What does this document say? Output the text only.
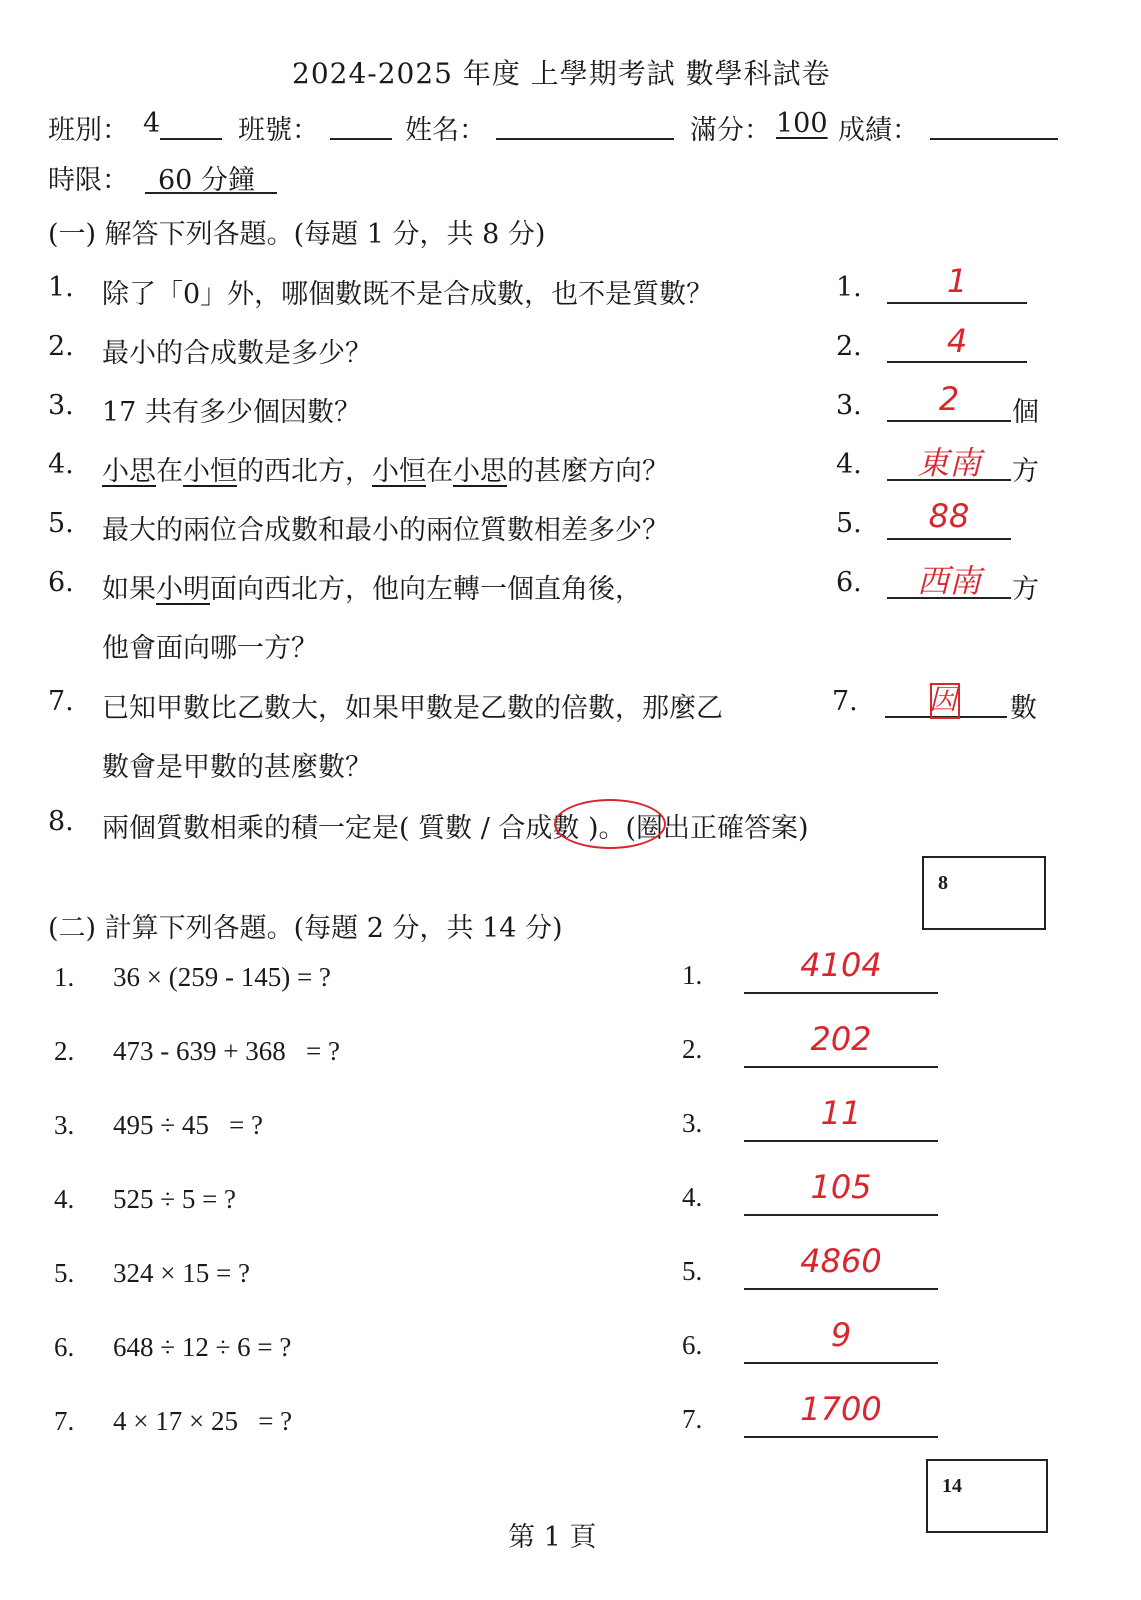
2024-2025 年度 上學期考試 數學科試卷
班別： 4	班號：	姓名：	滿分： 100 成績：
時限： 60 分鐘
(一) 解答下列各題。(每題 1 分，共 8 分)
1. 除了「0」外，哪個數既不是合成數，也不是質數？	1.	1
2. 最小的合成數是多少？	2.	4
3. 17 共有多少個因數？	3.	2	個
4. 小思在小恒的西北方，小恒在小思的甚麼方向？	4.	東南	方
5. 最大的兩位合成數和最小的兩位質數相差多少？	5.	88
6. 如果小明面向西北方，他向左轉一個直角後，
他會面向哪一方？
6.	西南	方
7. 已知甲數比乙數大，如果甲數是乙數的倍數，那麼乙
數會是甲數的甚麼數？
7.	因	數
8. 兩個質數相乘的積一定是( 質數 / 合成數 )。(圈出正確答案)
8
(二) 計算下列各題。(每題 2 分，共 14 分)
1. 36 × (259 - 145) = ?	1.	4104
2. 473 - 639 + 368   = ?	2.	202
3. 495 ÷ 45   = ?	3.	11
4. 525 ÷ 5 = ?	4.	105
5. 324 × 15 = ?	5.	4860
6. 648 ÷ 12 ÷ 6 = ?	6.	9
7. 4 × 17 × 25   = ?	7.	1700
14
第 1 頁
